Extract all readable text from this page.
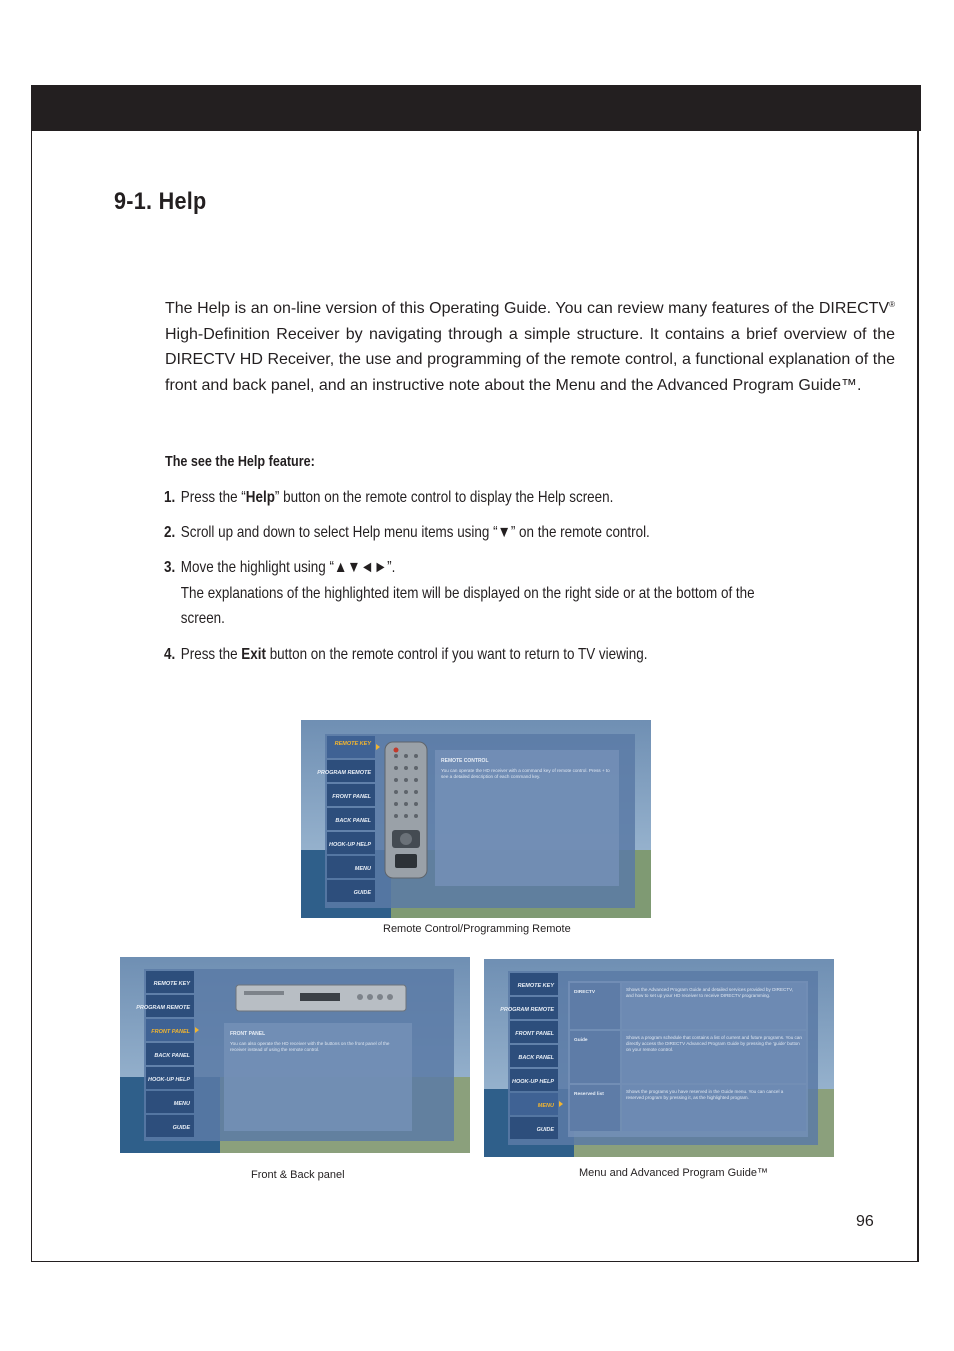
9-1. Help

The Help is an on-line version of this Operating Guide. You can review many features of the DIRECTV® High-Definition Receiver by navigating through a simple structure. It contains a brief overview of the DIRECTV HD Receiver, the use and programming of the remote control, a functional explanation of the front and back panel, and an instructive note about the Menu and the Advanced Program Guide™.

The see the Help feature:

1. Press the “Help” button on the remote control to display the Help screen.
2. Scroll up and down to select Help menu items using “▼” on the remote control.
3. Move the highlight using “▲▼◄►”.
The explanations of the highlighted item will be displayed on the right side or at the bottom of the screen.
4. Press the Exit button on the remote control if you want to return to TV viewing.
REMOTE KEY
PROGRAM REMOTE
FRONT PANEL
BACK PANEL
HOOK-UP HELP
MENU
GUIDE
REMOTE CONTROL
You can operate the HD receiver with a command key of remote control. Press + to see a detailed description of each command key.
Remote Control/Programming Remote
REMOTE KEY
PROGRAM REMOTE
FRONT PANEL
BACK PANEL
HOOK-UP HELP
MENU
GUIDE
FRONT PANEL
You can also operate the HD receiver with the buttons on the front panel of the receiver instead of using the remote control.
Front & Back panel
REMOTE KEY
PROGRAM REMOTE
FRONT PANEL
BACK PANEL
HOOK-UP HELP
MENU
GUIDE
DIRECTV
Guide
Reserved list
Shows the Advanced Program Guide and detailed services provided by DIRECTV, and how to set up your HD receiver to receive DIRECTV programming.
Shows a program schedule that contains a list of current and future programs. You can directly access the DIRECTV Advanced Program Guide by pressing the 'guide' button on your remote control.
Shows the programs you have reserved in the Guide menu. You can cancel a reserved program by pressing it, as the highlighted program.
Menu and Advanced Program Guide™
96
